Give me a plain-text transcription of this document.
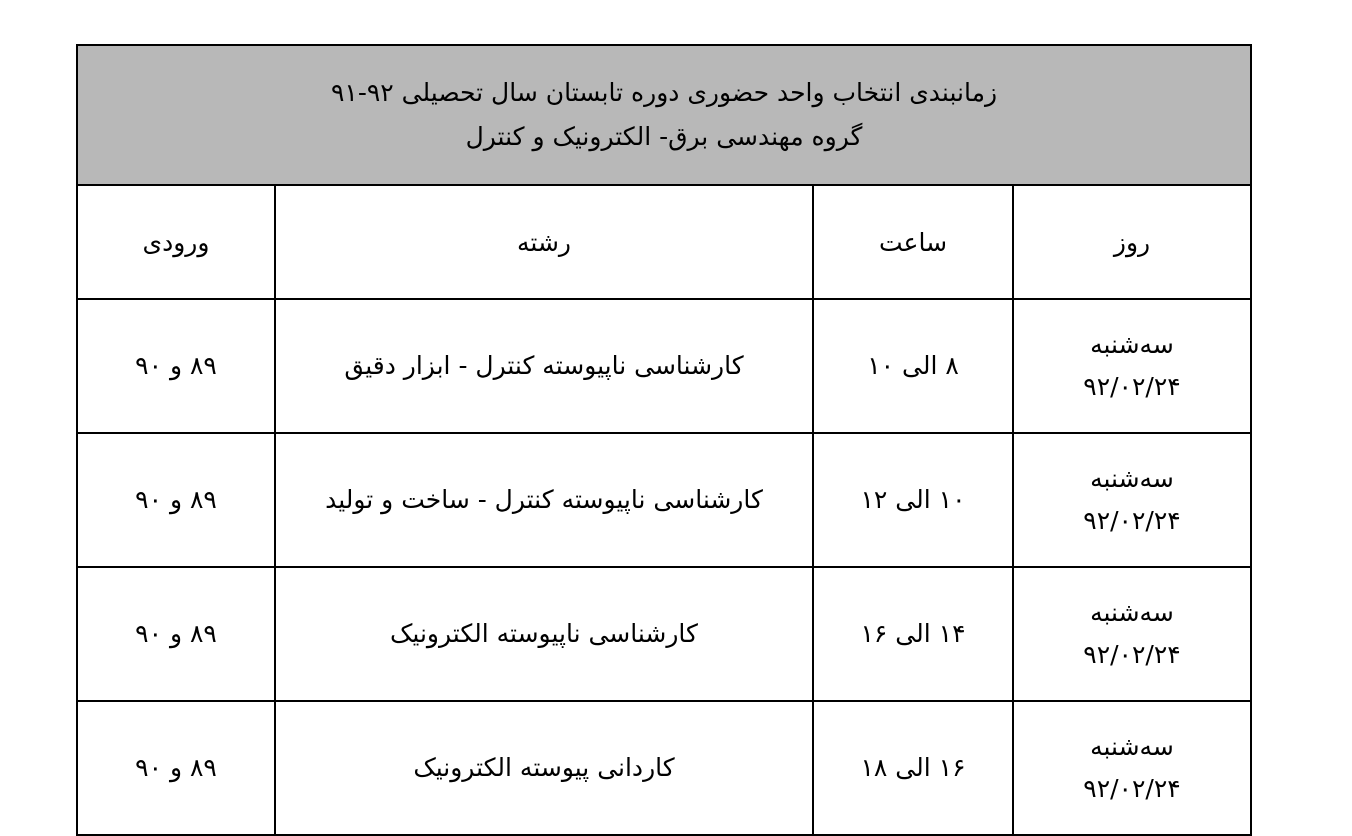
زمانبندی انتخاب واحد حضوری دوره تابستان سال تحصیلی ۹۲-۹۱
گروه مهندسی برق- الکترونیک و کنترل			

روز	ساعت	رشته	ورودی

سه‌شنبه
۹۲/۰۲/۲۴	۸ الی ۱۰	کارشناسی ناپیوسته کنترل - ابزار دقیق	۸۹ و ۹۰

سه‌شنبه
۹۲/۰۲/۲۴	۱۰ الی ۱۲	کارشناسی ناپیوسته کنترل - ساخت و تولید	۸۹ و ۹۰

سه‌شنبه
۹۲/۰۲/۲۴	۱۴ الی ۱۶	کارشناسی ناپیوسته الکترونیک	۸۹ و ۹۰

سه‌شنبه
۹۲/۰۲/۲۴	۱۶ الی ۱۸	کاردانی پیوسته الکترونیک	۸۹ و ۹۰
